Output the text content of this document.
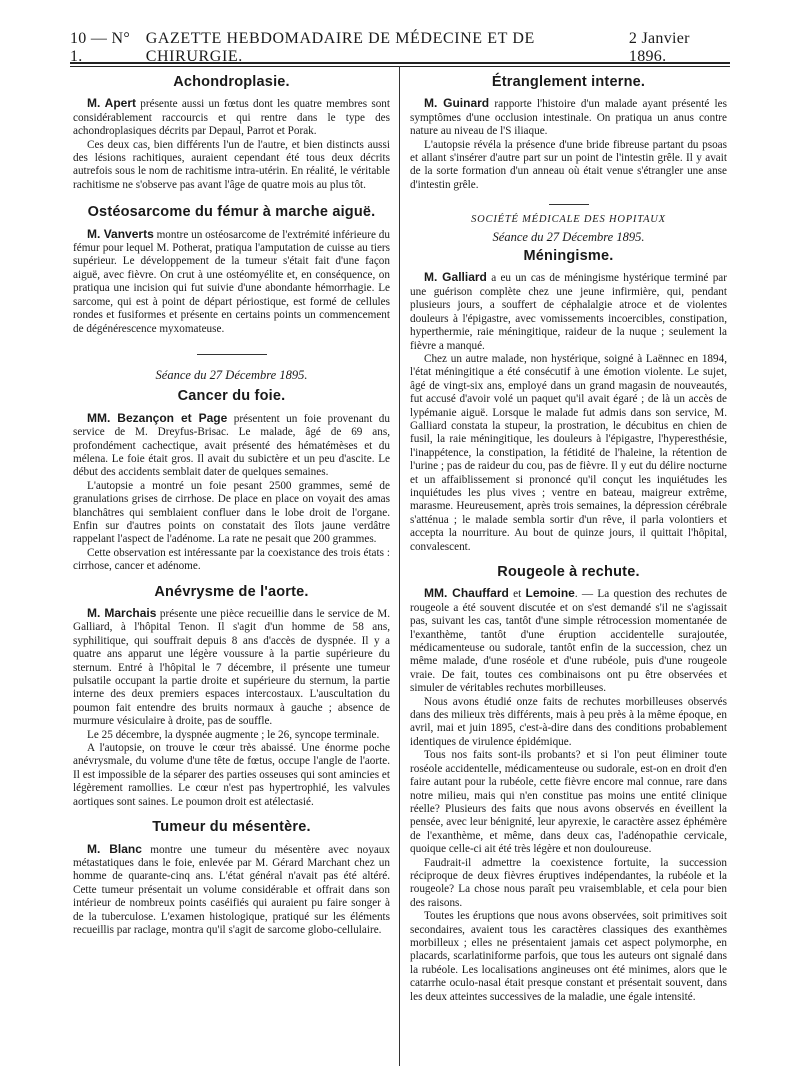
10 — N° 1.
GAZETTE HEBDOMADAIRE DE MÉDECINE ET DE CHIRURGIE.
2 Janvier 1896.
Achondroplasie.

M. Apert présente aussi un fœtus dont les quatre membres sont considérablement raccourcis et qui rentre dans le type des achondroplasiques décrits par Depaul, Parrot et Porak.

Ces deux cas, bien différents l'un de l'autre, et bien distincts aussi des lésions rachitiques, auraient cependant été tous deux décrits autrefois sous le nom de rachitisme intra-utérin. En réalité, le véritable rachitisme ne s'observe pas avant l'âge de quatre mois au plus tôt.

Ostéosarcome du fémur à marche aiguë.

M. Vanverts montre un ostéosarcome de l'extrémité inférieure du fémur pour lequel M. Potherat, pratiqua l'amputation de cuisse au tiers supérieur. Le développement de la tumeur s'était fait d'une façon aiguë, avec fièvre. On crut à une ostéomyélite et, en conséquence, on pratiqua une incision qui fut suivie d'une abondante hémorrhagie. Le sarcome, qui est à point de départ périostique, est formé de cellules rondes et fusiformes et présente en certains points un commencement de dégénérescence myxomateuse.

Séance du 27 Décembre 1895.
Cancer du foie.

MM. Bezançon et Page présentent un foie provenant du service de M. Dreyfus-Brisac. Le malade, âgé de 69 ans, profondément cachectique, avait présenté des hématémèses et du mélena. Le foie était gros. Il avait du subictère et un peu d'ascite. Le début des accidents semblait dater de quelques semaines.

L'autopsie a montré un foie pesant 2500 grammes, semé de granulations grises de cirrhose. De place en place on voyait des amas blanchâtres qui semblaient confluer dans le lobe droit de l'organe. Enfin sur d'autres points on constatait des îlots jaune verdâtre rappelant l'aspect de l'adénome. La rate ne pesait que 200 grammes.

Cette observation est intéressante par la coexistance des trois états : cirrhose, cancer et adénome.

Anévrysme de l'aorte.

M. Marchais présente une pièce recueillie dans le service de M. Galliard, à l'hôpital Tenon. Il s'agit d'un homme de 58 ans, syphilitique, qui souffrait depuis 8 ans d'accès de dyspnée. Il y a quatre ans apparut une légère voussure à la partie supérieure du sternum. Entré à l'hôpital le 7 décembre, il présente une tumeur pulsatile occupant la partie droite et supérieure du sternum, la partie interne des deux premiers espaces intercostaux. L'auscultation du poumon fait entendre des bruits normaux à gauche ; absence de murmure vésiculaire à droite, pas de souffle.

Le 25 décembre, la dyspnée augmente ; le 26, syncope terminale.

A l'autopsie, on trouve le cœur très abaissé. Une énorme poche anévrysmale, du volume d'une tête de fœtus, occupe l'angle de l'aorte. Il est impossible de la séparer des parties osseuses qui sont amincies et légèrement ramollies. Le cœur n'est pas hypertrophié, les valvules aortiques sont saines. Le poumon droit est atélectasié.

Tumeur du mésentère.

M. Blanc montre une tumeur du mésentère avec noyaux métastatiques dans le foie, enlevée par M. Gérard Marchant chez un homme de quarante-cinq ans. L'état général n'avait pas été altéré. Cette tumeur présentait un volume considérable et offrait dans son intérieur de nombreux points caséifiés qui auraient pu faire songer à de la tuberculose. L'examen histologique, pratiqué sur les éléments recueillis par raclage, montra qu'il s'agit de sarcome globo-cellulaire.

Étranglement interne.

M. Guinard rapporte l'histoire d'un malade ayant présenté les symptômes d'une occlusion intestinale. On pratiqua un anus contre nature au niveau de l'S iliaque.

L'autopsie révéla la présence d'une bride fibreuse partant du psoas et allant s'insérer d'autre part sur un point de l'intestin grêle. Il y avait de la sorte formation d'un anneau où était venue s'étrangler une anse d'intestin grêle.

SOCIÉTÉ MÉDICALE DES HOPITAUX
Séance du 27 Décembre 1895.
Méningisme.

M. Galliard a eu un cas de méningisme hystérique terminé par une guérison complète chez une jeune infirmière, qui, pendant plusieurs jours, a souffert de céphalalgie atroce et de violentes douleurs à l'épigastre, avec vomissements incoercibles, constipation, hyperthermie, raie méningitique, raideur de la nuque ; seulement la fièvre a manqué.

Chez un autre malade, non hystérique, soigné à Laënnec en 1894, l'état méningitique a été consécutif à une émotion violente. Le sujet, âgé de vingt-six ans, employé dans un grand magasin de nouveautés, fut accusé d'avoir volé un paquet qu'il avait égaré ; de là un accès de lypémanie aiguë. Lorsque le malade fut admis dans son service, M. Galliard constata la stupeur, la prostration, le décubitus en chien de fusil, la raie méningitique, les douleurs à l'épigastre, l'hyperesthésie, l'inappétence, la constipation, la fétidité de l'haleine, la rétention de l'urine ; pas de raideur du cou, pas de fièvre. Il y eut du délire nocturne et un affaiblissement si prononcé qu'il conçut les inquiétudes les inquiétudes les plus vives ; ventre en bateau, maigreur extrême, marasme. Heureusement, après trois semaines, la dépression cérébrale s'atténua ; le malade sembla sortir d'un rêve, il parla volontiers et accepta la nourriture. Au bout de quinze jours, il quittait l'hôpital, convalescent.

Rougeole à rechute.

MM. Chauffard et Lemoine. — La question des rechutes de rougeole a été souvent discutée et on s'est demandé s'il ne s'agissait pas, suivant les cas, tantôt d'une simple rétrocession momentanée de l'exanthème, tantôt d'une éruption accidentelle surajoutée, médicamenteuse ou sudorale, tantôt enfin de la succession, chez un même malade, d'une roséole et d'une rubéole, puis d'une rougeole vraie. De fait, toutes ces combinaisons ont pu être observées et simuler de véritables rechutes morbilleuses.

Nous avons étudié onze faits de rechutes morbilleuses observés dans des milieux très différents, mais à peu près à la même époque, en avril, mai et juin 1895, c'est-à-dire dans des conditions probablement identiques de virulence épidémique.

Tous nos faits sont-ils probants? et si l'on peut éliminer toute roséole accidentelle, médicamenteuse ou sudorale, est-on en droit d'en faire autant pour la rubéole, cette fièvre encore mal connue, rare dans notre milieu, mais qui n'en constitue pas moins une entité clinique réelle? Plusieurs des faits que nous avons observés en éveillent la pensée, avec leur bénignité, leur apyrexie, le caractère assez éphémère de l'exanthème, et même, dans deux cas, l'adénopathie cervicale, quoique celle-ci ait été très légère et non douloureuse.

Faudrait-il admettre la coexistence fortuite, la succession réciproque de deux fièvres éruptives indépendantes, la rubéole et la rougeole? La chose nous paraît peu vraisemblable, et cela pour bien des raisons.

Toutes les éruptions que nous avons observées, soit primitives soit secondaires, avaient tous les caractères classiques des exanthèmes morbilleux ; elles ne présentaient jamais cet aspect polymorphe, en placards, scarlatiniforme parfois, que tous les auteurs ont signalé dans la rubéole. Les localisations angineuses ont été minimes, alors que le catarrhe oculo-nasal était presque constant et présentait souvent, dans les deux atteintes successives de la maladie, une égale intensité.
